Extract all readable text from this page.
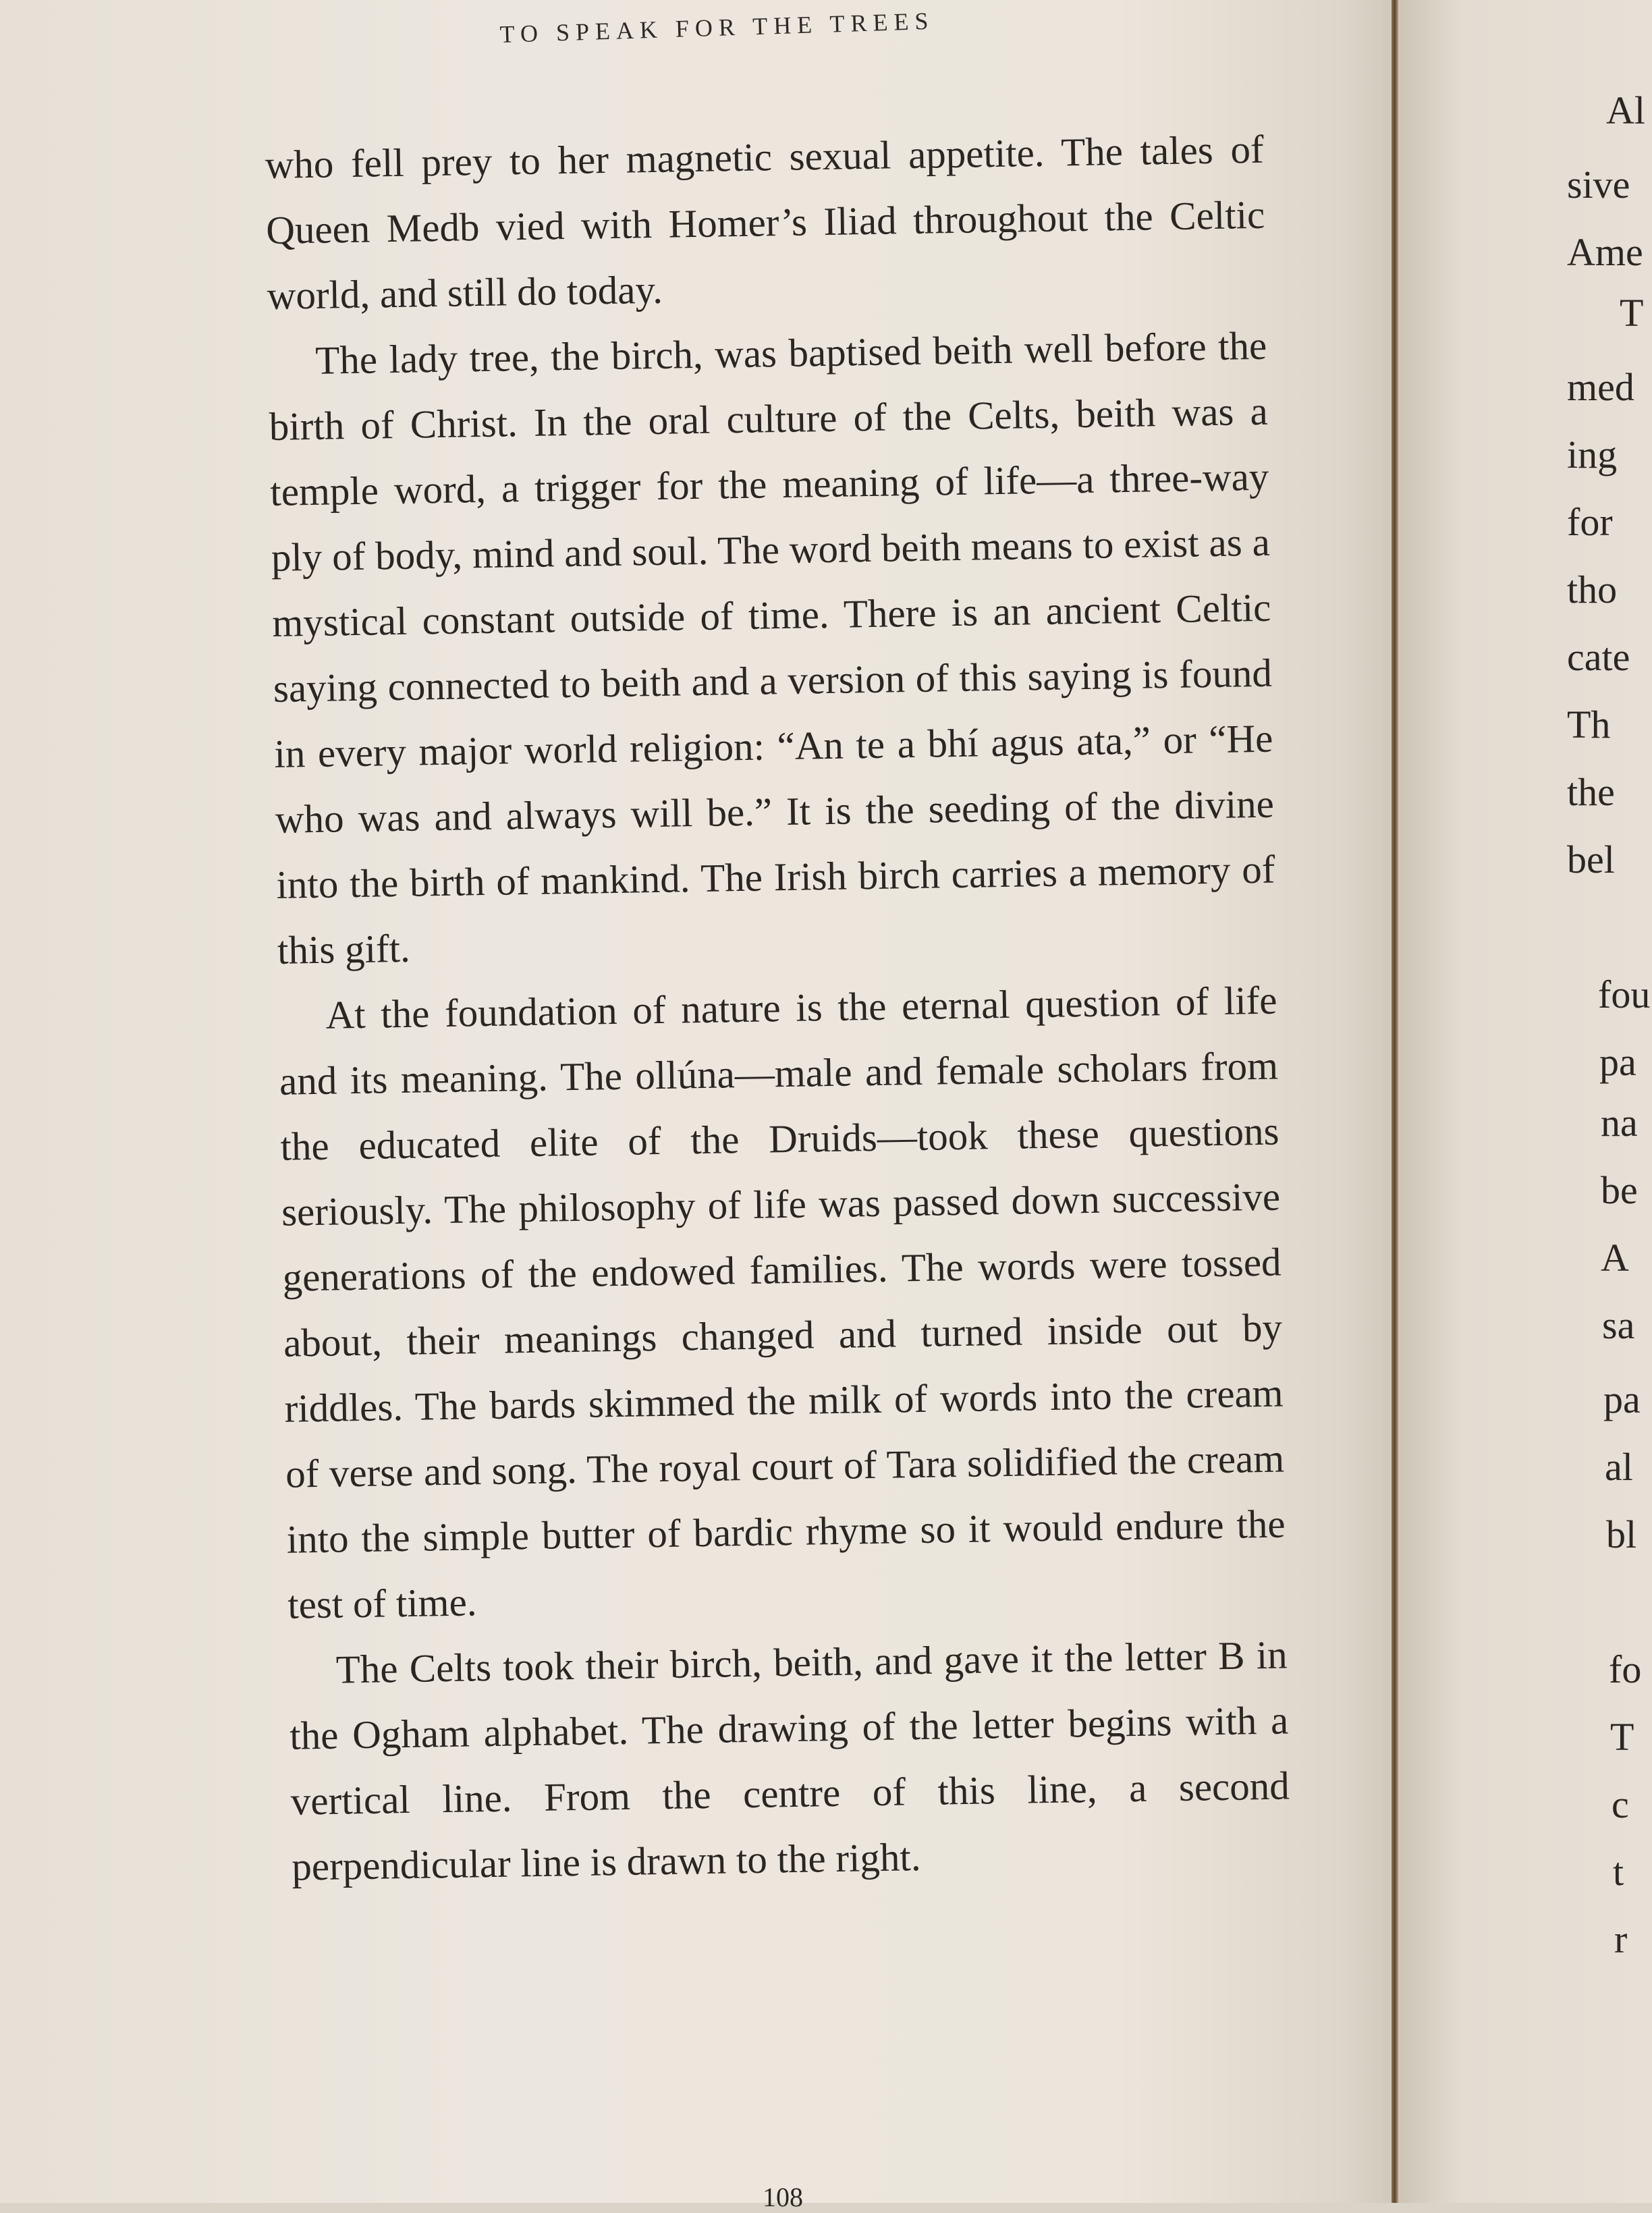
TO SPEAK FOR THE TREES

who fell prey to her magnetic sexual appetite. The tales of Queen Medb vied with Homer’s Iliad throughout the Celtic world, and still do today.

The lady tree, the birch, was baptised beith well before the birth of Christ. In the oral culture of the Celts, beith was a temple word, a trigger for the meaning of life—a three-way ply of body, mind and soul. The word beith means to exist as a mystical constant outside of time. There is an ancient Celtic saying connected to beith and a version of this saying is found in every major world religion: “An te a bhí agus ata,” or “He who was and always will be.” It is the seeding of the divine into the birth of mankind. The Irish birch carries a memory of this gift.

At the foundation of nature is the eternal question of life and its meaning. The ollúna—male and female scholars from the educated elite of the Druids—took these questions seriously. The philosophy of life was passed down successive generations of the endowed families. The words were tossed about, their meanings changed and turned inside out by riddles. The bards skimmed the milk of words into the cream of verse and song. The royal court of Tara solidified the cream into the simple butter of bardic rhyme so it would endure the test of time.

The Celts took their birch, beith, and gave it the letter B in the Ogham alphabet. The drawing of the letter begins with a vertical line. From the centre of this line, a second perpendicular line is drawn to the right.

108
Al
sive
Ame
T
med
ing
for
tho
cate
Th
the
bel
fou
pa
na
be
A
sa
pa
al
bl
fo
T
c
t
r
